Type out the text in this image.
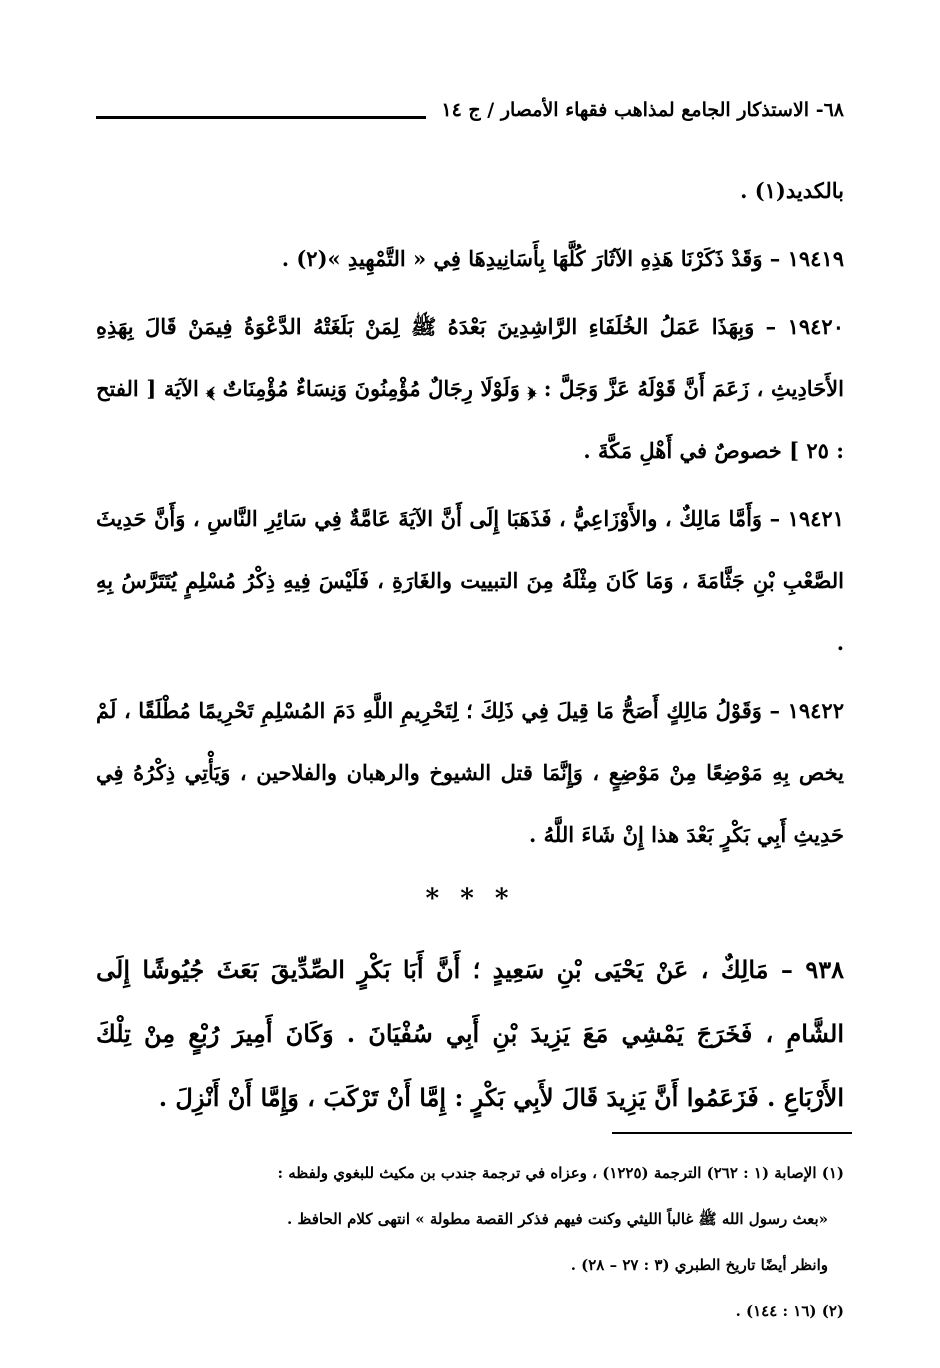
٦٨- الاستذكار الجامع لمذاهب فقهاء الأمصار / ج ١٤

بالكديد(١) .

١٩٤١٩ – وَقَدْ ذَكَرْنَا هَذِهِ الآثَارَ كُلَّهَا بِأَسَانِيدِهَا فِي « التَّمْهِيدِ »(٢) .

١٩٤٢٠ – وَبِهَذَا عَمَلُ الخُلَفَاءِ الرَّاشِدِينَ بَعْدَهُ ﷺ لِمَنْ بَلَغَتْهُ الدَّعْوَةُ فِيمَنْ قَالَ بِهَذِهِ الأَحَادِيثِ ، زَعَمَ أَنَّ قَوْلَهُ عَزَّ وَجَلَّ : ﴿ وَلَوْلَا رِجَالٌ مُؤْمِنُونَ وَنِسَاءٌ مُؤْمِنَاتٌ ﴾ الآيَة [ الفتح : ٢٥ ] خصوصٌ في أَهْلِ مَكَّةَ .

١٩٤٢١ – وَأَمَّا مَالِكٌ ، والأَوْزَاعِيُّ ، فَذَهَبَا إِلَى أَنَّ الآيَةَ عَامَّةٌ فِي سَائِرِ النَّاسِ ، وَأَنَّ حَدِيثَ الصَّعْبِ بْنِ جَثَّامَةَ ، وَمَا كَانَ مِثْلَهُ مِنَ التبييت والغَارَةِ ، فَلَيْسَ فِيهِ ذِكْرُ مُسْلِمٍ يُتَتَرَّسُ بِهِ .

١٩٤٢٢ – وَقَوْلُ مَالِكٍ أَصَحُّ مَا قِيلَ فِي ذَلِكَ ؛ لِتَحْرِيمِ اللَّهِ دَمَ المُسْلِمِ تَحْرِيمًا مُطْلَقًا ، لَمْ يخص بِهِ مَوْضِعًا مِنْ مَوْضِعٍ ، وَإِنَّمَا قتل الشيوخ والرهبان والفلاحين ، وَيَأْتِي ذِكْرُهُ فِي حَدِيثِ أَبِي بَكْرٍ بَعْدَ هذا إِنْ شَاءَ اللَّهُ .

* * *

٩٣٨ – مَالِكٌ ، عَنْ يَحْيَى بْنِ سَعِيدٍ ؛ أَنَّ أَبَا بَكْرٍ الصِّدِّيقَ بَعَثَ جُيُوشًا إِلَى الشَّامِ ، فَخَرَجَ يَمْشِي مَعَ يَزِيدَ بْنِ أَبِي سُفْيَانَ . وَكَانَ أَمِيرَ رُبْعٍ مِنْ تِلْكَ الأَرْبَاعِ . فَزَعَمُوا أَنَّ يَزِيدَ قَالَ لأَبِي بَكْرٍ : إِمَّا أَنْ تَرْكَبَ ، وَإِمَّا أَنْ أَنْزِلَ .

(١) الإصابة (١ : ٢٦٢) الترجمة (١٢٢٥) ، وعزاه في ترجمة جندب بن مكيث للبغوي ولفظه :

«بعث رسول الله ﷺ غالباً الليثي وكنت فيهم فذكر القصة مطولة » انتهى كلام الحافظ .

وانظر أيضًا تاريخ الطبري (٣ : ٢٧ – ٢٨) .

(٢) (١٦ : ١٤٤) .
